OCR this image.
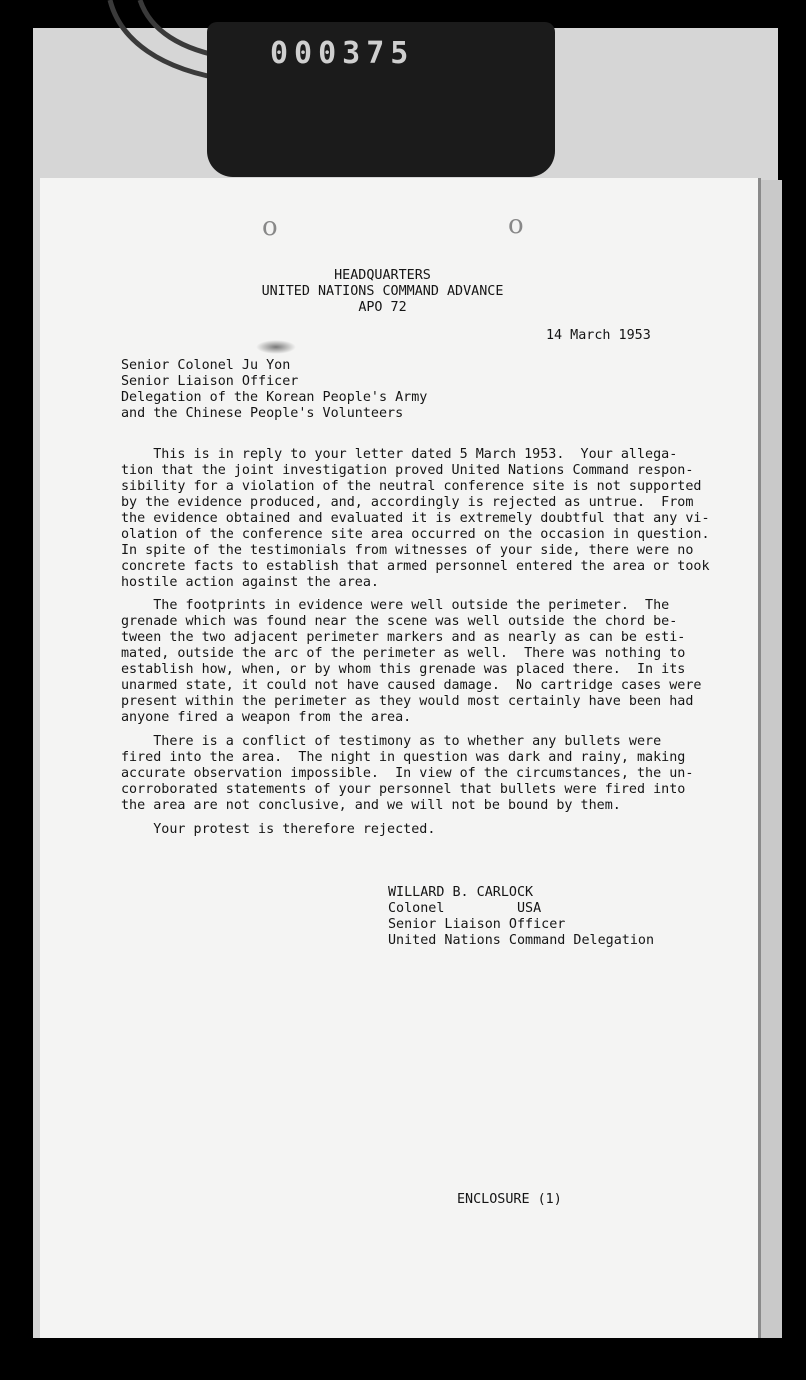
000375
o	o
HEADQUARTERS
UNITED NATIONS COMMAND ADVANCE
APO 72
14 March 1953
Senior Colonel Ju Yon
Senior Liaison Officer
Delegation of the Korean People's Army
and the Chinese People's Volunteers
This is in reply to your letter dated 5 March 1953.  Your allega-
tion that the joint investigation proved United Nations Command respon-
sibility for a violation of the neutral conference site is not supported
by the evidence produced, and, accordingly is rejected as untrue.  From
the evidence obtained and evaluated it is extremely doubtful that any vi-
olation of the conference site area occurred on the occasion in question.
In spite of the testimonials from witnesses of your side, there were no
concrete facts to establish that armed personnel entered the area or took
hostile action against the area.
The footprints in evidence were well outside the perimeter.  The
grenade which was found near the scene was well outside the chord be-
tween the two adjacent perimeter markers and as nearly as can be esti-
mated, outside the arc of the perimeter as well.  There was nothing to
establish how, when, or by whom this grenade was placed there.  In its
unarmed state, it could not have caused damage.  No cartridge cases were
present within the perimeter as they would most certainly have been had
anyone fired a weapon from the area.
There is a conflict of testimony as to whether any bullets were
fired into the area.  The night in question was dark and rainy, making
accurate observation impossible.  In view of the circumstances, the un-
corroborated statements of your personnel that bullets were fired into
the area are not conclusive, and we will not be bound by them.
Your protest is therefore rejected.
WILLARD B. CARLOCK
Colonel         USA
Senior Liaison Officer
United Nations Command Delegation
ENCLOSURE (1)
